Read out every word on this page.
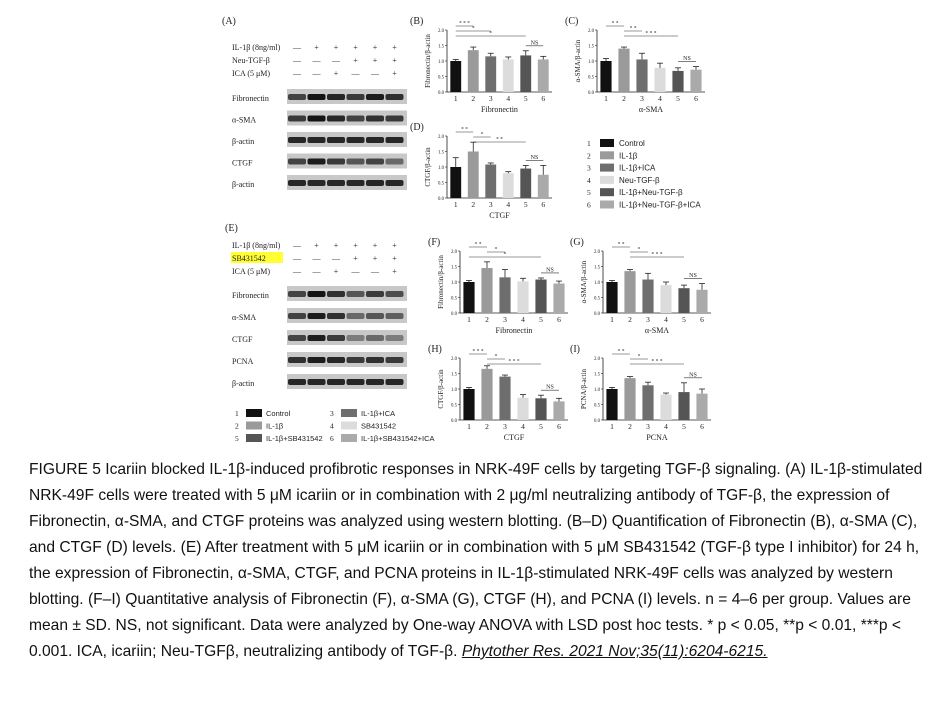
(A)	(B)	(C)
(D)
(E)
(F)	(G)
(H)	(I)
IL-1β (8ng/ml) — + + + + +
Neu-TGF-β	— — — + + +
ICA (5 μM)	— — + — — +
Fibronectin
α-SMA
β-actin
CTGF
β-actin
IL-1β (8ng/ml) — + + + + +
SB431542	— — — + + +
ICA (5 μM)	— — + — — +
Fibronectin
α-SMA
CTGF
PCNA
β-actin
0.0
0.5
1.0
1.5
2.0
Fibronectin/β-actin
Fibronectin
1 2 3 4 5 6
* * *
*
*
NS
0.0
0.5
1.0
1.5
2.0
α-SMA/β-actin
α-SMA
1 2 3 4 5 6
* *
* *
* * *
NS
0.0
0.5
1.0
1.5
2.0
CTGF/β-actin
CTGF
1 2 3 4 5 6
* *
*
* *
NS
0.0
0.5
1.0
1.5
2.0
Fibronectin/β-actin
Fibronectin
1 2 3 4 5 6
* *
*
*
NS
0.0
0.5
1.0
1.5
2.0
α-SMA/β-actin
α-SMA
1 2 3 4 5 6
* *
*
* * *
NS
0.0
0.5
1.0
1.5
2.0
CTGF/β-actin
CTGF
1 2 3 4 5 6
* * *
*
* * *
NS
0.0
0.5
1.0
1.5
2.0
PCNA/β-actin
PCNA
1 2 3 4 5 6
* *
*
* * *
NS
1	Control
2	IL-1β
3	IL-1β+ICA
4	Neu-TGF-β
5	IL-1β+Neu-TGF-β
6	IL-1β+Neu-TGF-β+ICA
1	Control
2	IL-1β
3	IL-1β+ICA
4	SB431542
5	IL-1β+SB431542 6	IL-1β+SB431542+ICA
FIGURE 5 Icariin blocked IL-1β-induced profibrotic responses in NRK-49F cells by targeting TGF-β signaling. (A) IL-1β-stimulated NRK-49F cells were treated with 5 μM icariin or in combination with 2 μg/ml neutralizing antibody of TGF-β, the expression of Fibronectin, α-SMA, and CTGF proteins was analyzed using western blotting. (B–D) Quantification of Fibronectin (B), α-SMA (C), and CTGF (D) levels. (E) After treatment with 5 μM icariin or in combination with 5 μM SB431542 (TGF-β type I inhibitor) for 24 h, the expression of Fibronectin, α-SMA, CTGF, and PCNA proteins in IL-1β-stimulated NRK-49F cells was analyzed by western blotting. (F–I) Quantitative analysis of Fibronectin (F), α-SMA (G), CTGF (H), and PCNA (I) levels. n = 4–6 per group. Values are mean ± SD. NS, not significant. Data were analyzed by One-way ANOVA with LSD post hoc tests. * p < 0.05, **p < 0.01, ***p < 0.001. ICA, icariin; Neu-TGFβ, neutralizing antibody of TGF-β. Phytother Res. 2021 Nov;35(11):6204-6215.
